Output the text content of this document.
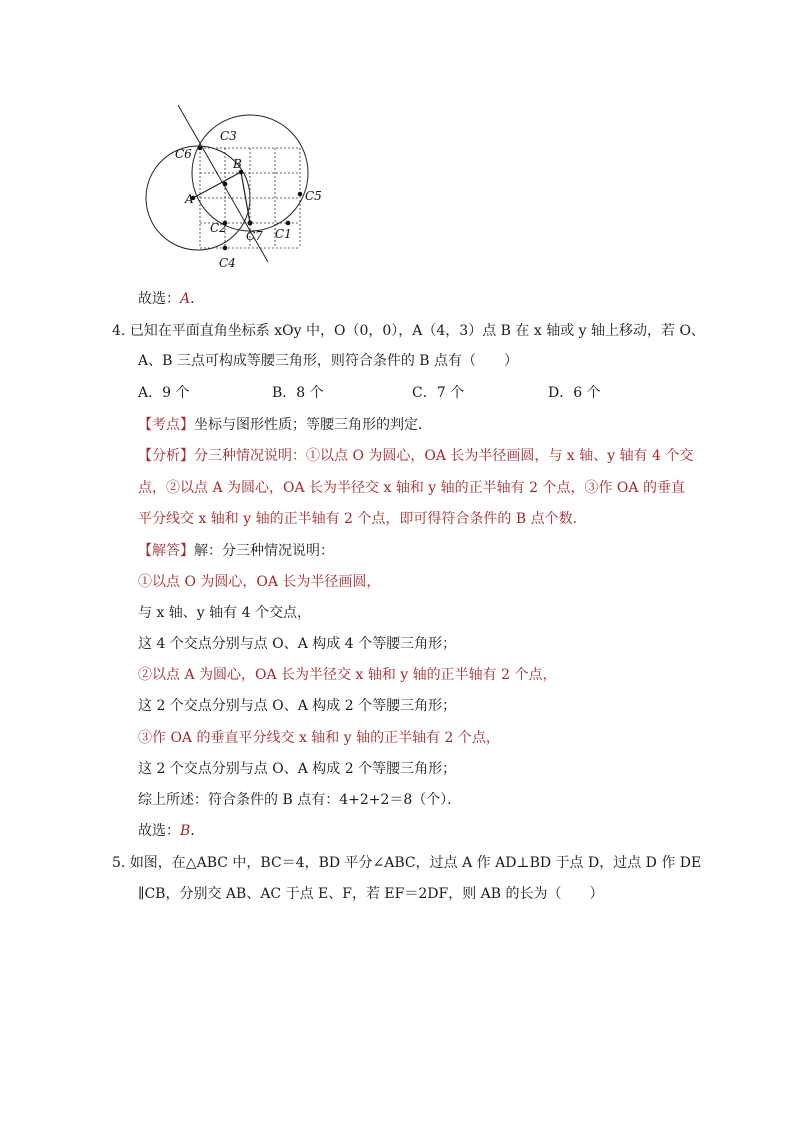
C3
C6
B
A	C5
C2
C7 C1
C4
故选：A.
4. 已知在平面直角坐标系 xOy 中，O（0，0），A（4，3）点 B 在 x 轴或 y 轴上移动，若 O、
A、B 三点可构成等腰三角形，则符合条件的 B 点有（　　）
A．9 个	B．8 个	C．7 个	D．6 个
【考点】坐标与图形性质；等腰三角形的判定．
【分析】分三种情况说明：①以点 O 为圆心，OA 长为半径画圆，与 x 轴、y 轴有 4 个交
点，②以点 A 为圆心，OA 长为半径交 x 轴和 y 轴的正半轴有 2 个点，③作 OA 的垂直
平分线交 x 轴和 y 轴的正半轴有 2 个点，即可得符合条件的 B 点个数．
【解答】解：分三种情况说明：
①以点 O 为圆心，OA 长为半径画圆，
与 x 轴、y 轴有 4 个交点，
这 4 个交点分别与点 O、A 构成 4 个等腰三角形；
②以点 A 为圆心，OA 长为半径交 x 轴和 y 轴的正半轴有 2 个点，
这 2 个交点分别与点 O、A 构成 2 个等腰三角形；
③作 OA 的垂直平分线交 x 轴和 y 轴的正半轴有 2 个点，
这 2 个交点分别与点 O、A 构成 2 个等腰三角形；
综上所述：符合条件的 B 点有：4+2+2＝8（个）．
故选：B.
5. 如图，在△ABC 中，BC＝4，BD 平分∠ABC，过点 A 作 AD⊥BD 于点 D，过点 D 作 DE
∥CB，分别交 AB、AC 于点 E、F，若 EF＝2DF，则 AB 的长为（　　）
